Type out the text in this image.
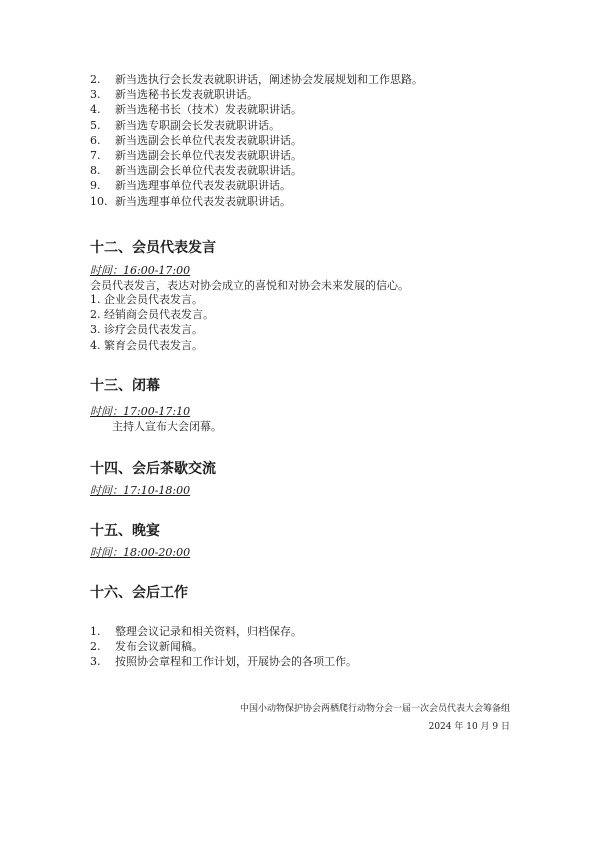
2. 新当选执行会长发表就职讲话，阐述协会发展规划和工作思路。
3. 新当选秘书长发表就职讲话。
4. 新当选秘书长（技术）发表就职讲话。
5. 新当选专职副会长发表就职讲话。
6. 新当选副会长单位代表发表就职讲话。
7. 新当选副会长单位代表发表就职讲话。
8. 新当选副会长单位代表发表就职讲话。
9. 新当选理事单位代表发表就职讲话。
10. 新当选理事单位代表发表就职讲话。
十二、会员代表发言
时间：16:00-17:00
会员代表发言，表达对协会成立的喜悦和对协会未来发展的信心。
1. 企业会员代表发言。
2. 经销商会员代表发言。
3. 诊疗会员代表发言。
4. 繁育会员代表发言。
十三、闭幕
时间：17:00-17:10
主持人宣布大会闭幕。
十四、会后茶歇交流
时间：17:10-18:00
十五、晚宴
时间：18:00-20:00
十六、会后工作
1. 整理会议记录和相关资料，归档保存。
2. 发布会议新闻稿。
3. 按照协会章程和工作计划，开展协会的各项工作。
中国小动物保护协会两栖爬行动物分会一届一次会员代表大会筹备组
2024 年 10 月 9 日
